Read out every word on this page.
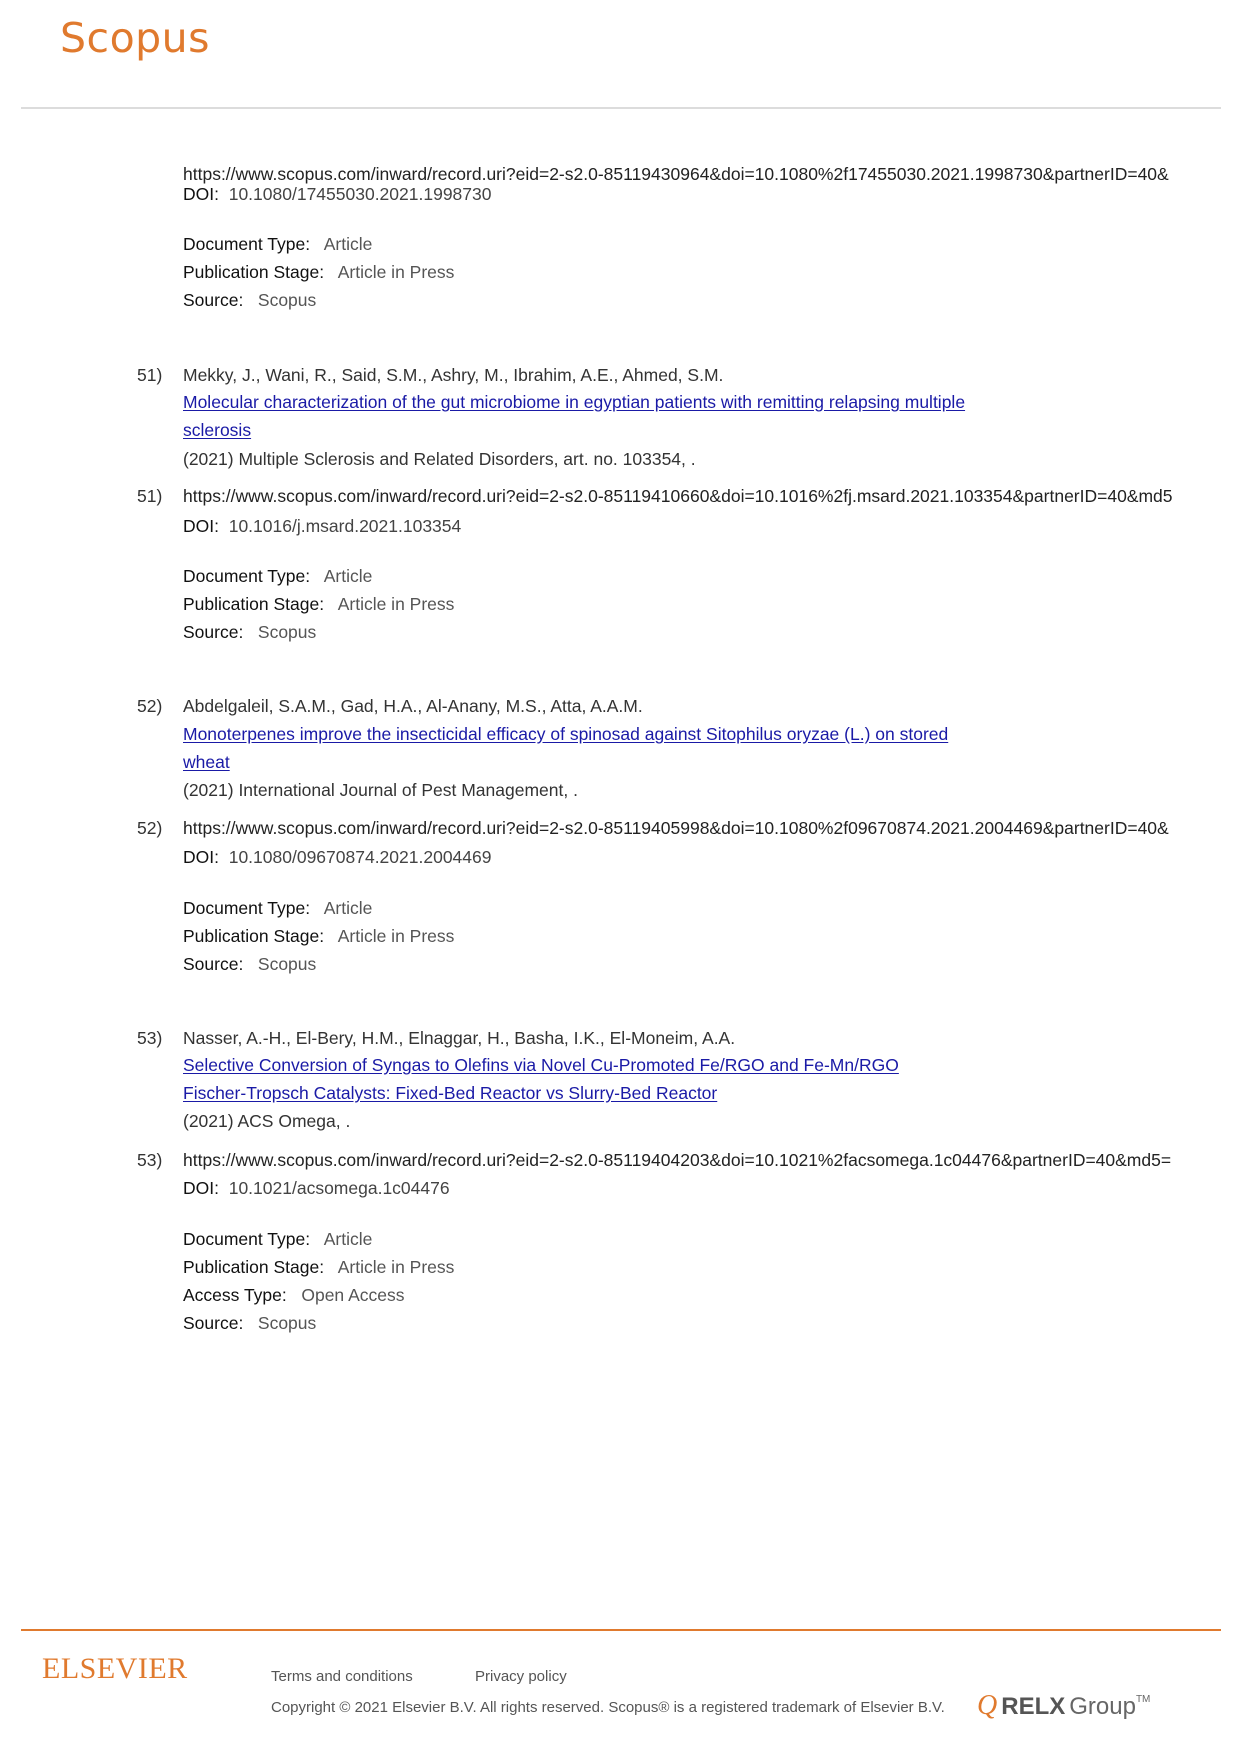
Scopus
https://www.scopus.com/inward/record.uri?eid=2-s2.0-85119430964&doi=10.1080%2f17455030.2021.1998730&partnerID=40&
DOI: 10.1080/17455030.2021.1998730
Document Type: Article
Publication Stage: Article in Press
Source: Scopus
51) Mekky, J., Wani, R., Said, S.M., Ashry, M., Ibrahim, A.E., Ahmed, S.M.
Molecular characterization of the gut microbiome in egyptian patients with remitting relapsing multiple
sclerosis
(2021) Multiple Sclerosis and Related Disorders, art. no. 103354, .
51) https://www.scopus.com/inward/record.uri?eid=2-s2.0-85119410660&doi=10.1016%2fj.msard.2021.103354&partnerID=40&md5
DOI: 10.1016/j.msard.2021.103354
Document Type: Article
Publication Stage: Article in Press
Source: Scopus
52) Abdelgaleil, S.A.M., Gad, H.A., Al-Anany, M.S., Atta, A.A.M.
Monoterpenes improve the insecticidal efficacy of spinosad against Sitophilus oryzae (L.) on stored
wheat
(2021) International Journal of Pest Management, .
52) https://www.scopus.com/inward/record.uri?eid=2-s2.0-85119405998&doi=10.1080%2f09670874.2021.2004469&partnerID=40&
DOI: 10.1080/09670874.2021.2004469
Document Type: Article
Publication Stage: Article in Press
Source: Scopus
53) Nasser, A.-H., El-Bery, H.M., Elnaggar, H., Basha, I.K., El-Moneim, A.A.
Selective Conversion of Syngas to Olefins via Novel Cu-Promoted Fe/RGO and Fe-Mn/RGO
Fischer-Tropsch Catalysts: Fixed-Bed Reactor vs Slurry-Bed Reactor
(2021) ACS Omega, .
53) https://www.scopus.com/inward/record.uri?eid=2-s2.0-85119404203&doi=10.1021%2facsomega.1c04476&partnerID=40&md5=
DOI: 10.1021/acsomega.1c04476
Document Type: Article
Publication Stage: Article in Press
Access Type: Open Access
Source: Scopus
ELSEVIER	Terms and conditions	Privacy policy
Copyright © 2021 Elsevier B.V. All rights reserved. Scopus® is a registered trademark of Elsevier B.V. Q RELX Group TM
